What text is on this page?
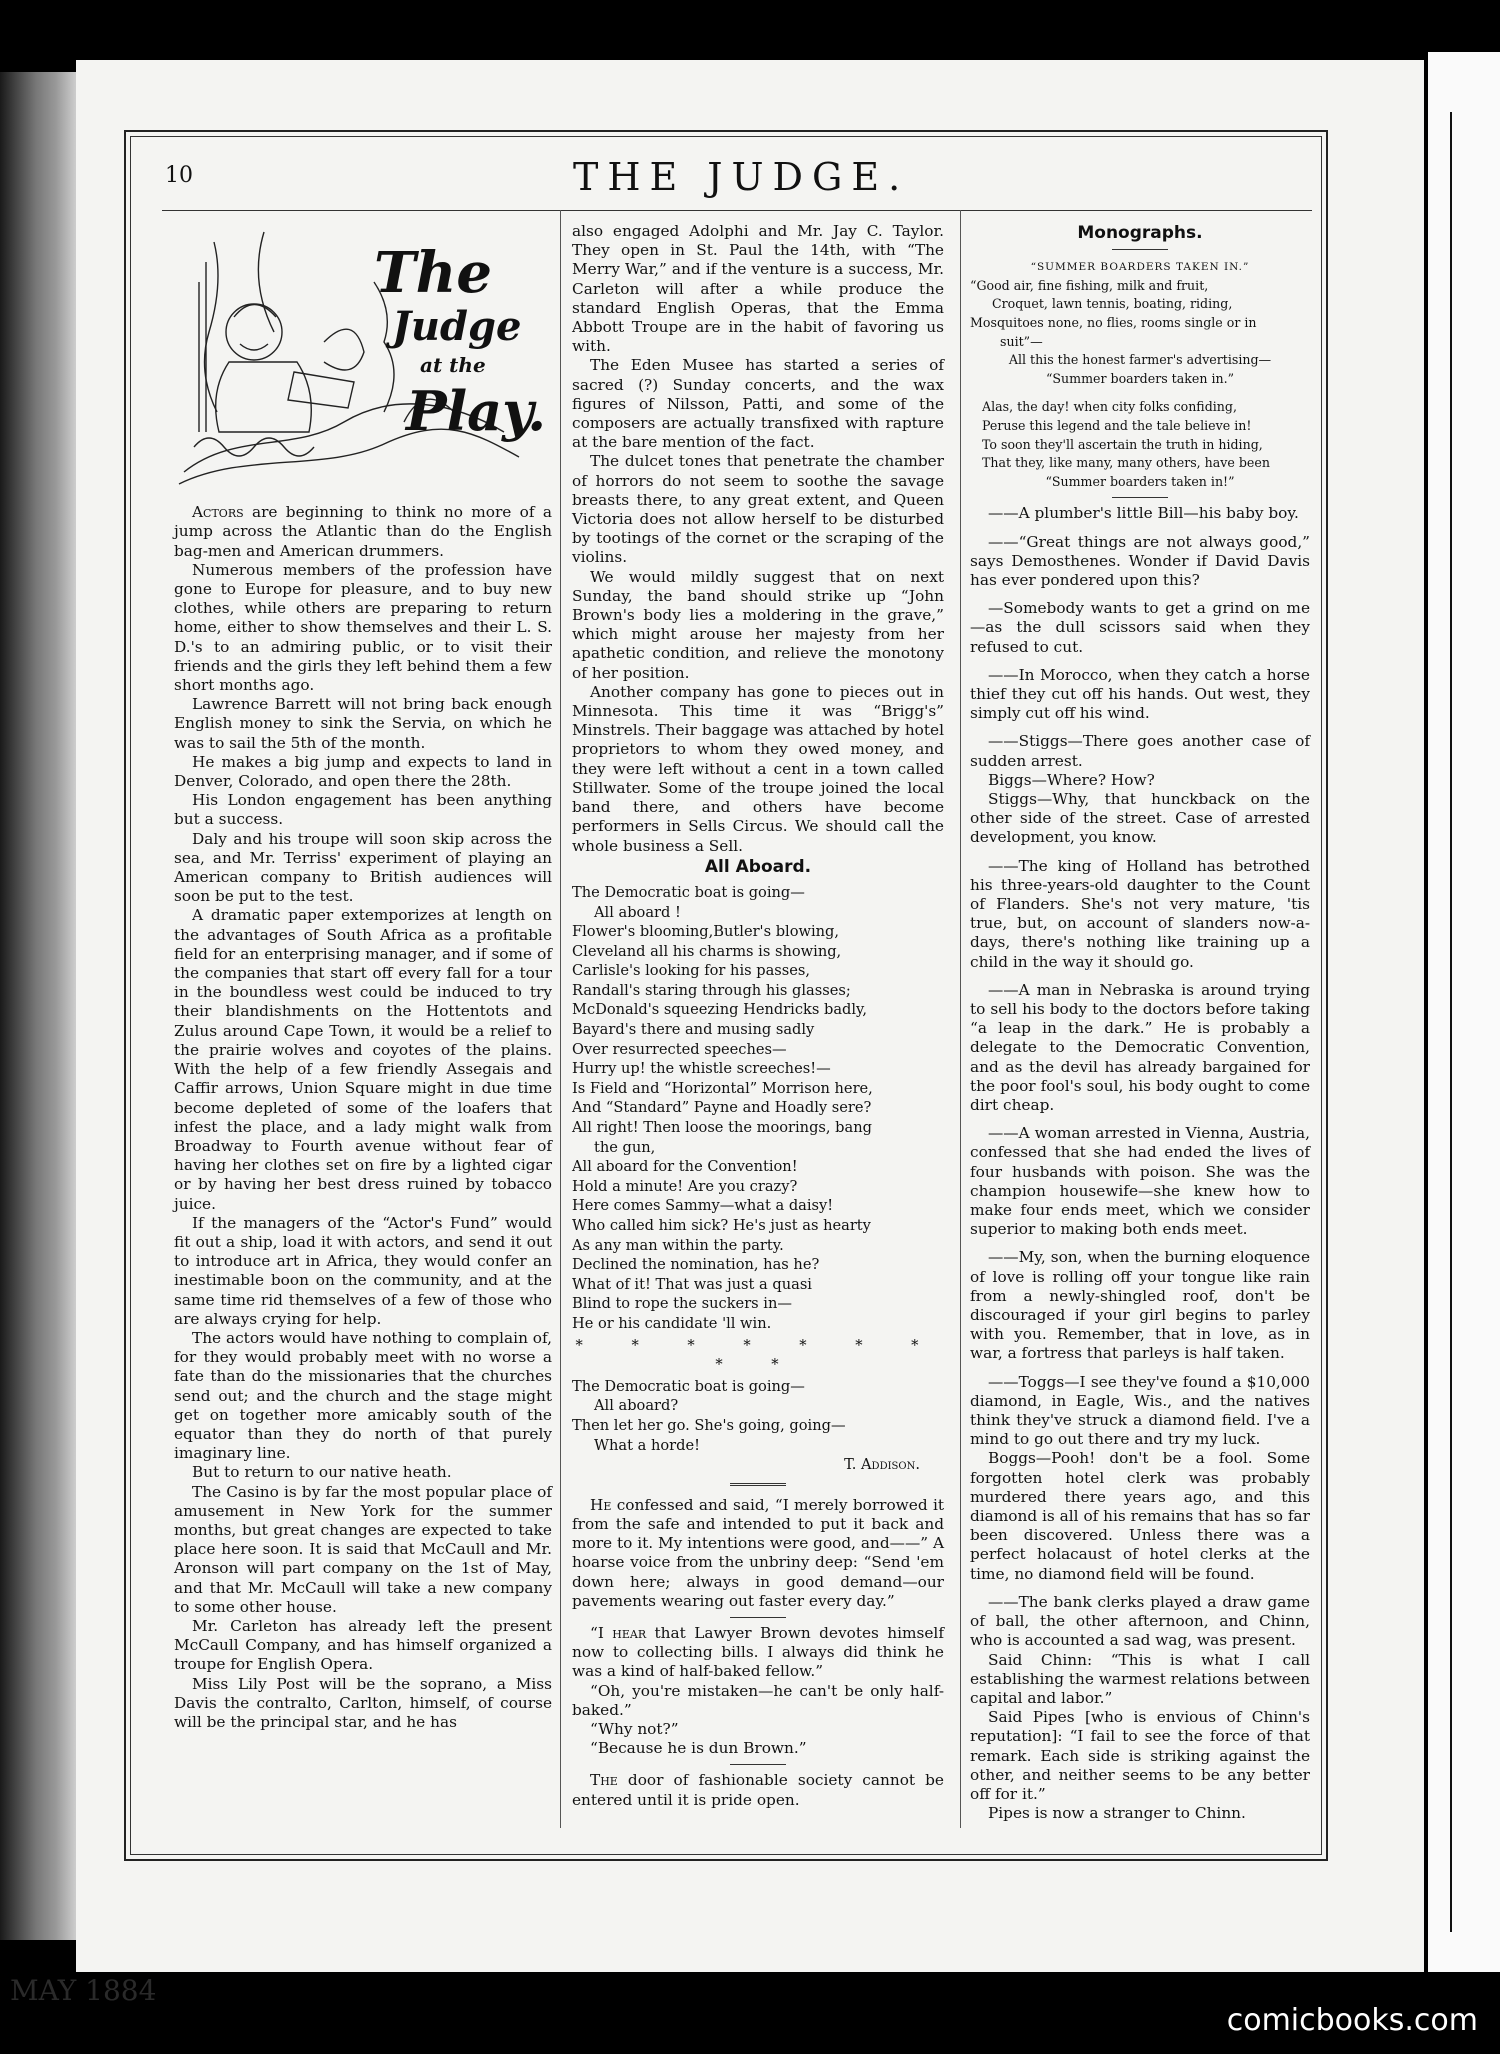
10	THE JUDGE.
The
Judge
at the
Play.

Actors are beginning to think no more of a jump across the Atlantic than do the English bag-men and American drummers.

Numerous members of the profession have gone to Europe for pleasure, and to buy new clothes, while others are preparing to return home, either to show themselves and their L. S. D.'s to an admiring public, or to visit their friends and the girls they left behind them a few short months ago.

Lawrence Barrett will not bring back enough English money to sink the Servia, on which he was to sail the 5th of the month.

He makes a big jump and expects to land in Denver, Colorado, and open there the 28th.

His London engagement has been anything but a success.

Daly and his troupe will soon skip across the sea, and Mr. Terriss' experiment of playing an American company to British audiences will soon be put to the test.

A dramatic paper extemporizes at length on the advantages of South Africa as a profitable field for an enterprising manager, and if some of the companies that start off every fall for a tour in the boundless west could be induced to try their blandishments on the Hottentots and Zulus around Cape Town, it would be a relief to the prairie wolves and coyotes of the plains. With the help of a few friendly Assegais and Caffir arrows, Union Square might in due time become depleted of some of the loafers that infest the place, and a lady might walk from Broadway to Fourth avenue without fear of having her clothes set on fire by a lighted cigar or by having her best dress ruined by tobacco juice.

If the managers of the “Actor's Fund” would fit out a ship, load it with actors, and send it out to introduce art in Africa, they would confer an inestimable boon on the community, and at the same time rid themselves of a few of those who are always crying for help.

The actors would have nothing to complain of, for they would probably meet with no worse a fate than do the missionaries that the churches send out; and the church and the stage might get on together more amicably south of the equator than they do north of that purely imaginary line.

But to return to our native heath.

The Casino is by far the most popular place of amusement in New York for the summer months, but great changes are expected to take place here soon. It is said that McCaull and Mr. Aronson will part company on the 1st of May, and that Mr. McCaull will take a new company to some other house.

Mr. Carleton has already left the present McCaull Company, and has himself organized a troupe for English Opera.

Miss Lily Post will be the soprano, a Miss Davis the contralto, Carlton, himself, of course will be the principal star, and he has

also engaged Adolphi and Mr. Jay C. Taylor. They open in St. Paul the 14th, with “The Merry War,” and if the venture is a success, Mr. Carleton will after a while produce the standard English Operas, that the Emma Abbott Troupe are in the habit of favoring us with.

The Eden Musee has started a series of sacred (?) Sunday concerts, and the wax figures of Nilsson, Patti, and some of the composers are actually transfixed with rapture at the bare mention of the fact.

The dulcet tones that penetrate the chamber of horrors do not seem to soothe the savage breasts there, to any great extent, and Queen Victoria does not allow herself to be disturbed by tootings of the cornet or the scraping of the violins.

We would mildly suggest that on next Sunday, the band should strike up “John Brown's body lies a moldering in the grave,” which might arouse her majesty from her apathetic condition, and relieve the monotony of her position.

Another company has gone to pieces out in Minnesota. This time it was “Brigg's” Minstrels. Their baggage was attached by hotel proprietors to whom they owed money, and they were left without a cent in a town called Stillwater. Some of the troupe joined the local band there, and others have become performers in Sells Circus. We should call the whole business a Sell.

All Aboard.
The Democratic boat is going—
All aboard !
Flower's blooming,Butler's blowing,
Cleveland all his charms is showing,
Carlisle's looking for his passes,
Randall's staring through his glasses;
McDonald's squeezing Hendricks badly,
Bayard's there and musing sadly
Over resurrected speeches—
Hurry up! the whistle screeches!—
Is Field and “Horizontal” Morrison here,
And “Standard” Payne and Hoadly sere?
All right! Then loose the moorings, bang
the gun,
All aboard for the Convention!
Hold a minute! Are you crazy?
Here comes Sammy—what a daisy!
Who called him sick? He's just as hearty
As any man within the party.
Declined the nomination, has he?
What of it! That was just a quasi
Blind to rope the suckers in—
He or his candidate 'll win.
* * * * * * * * *
The Democratic boat is going—
All aboard?
Then let her go. She's going, going—
What a horde!
T. Addison.

He confessed and said, “I merely borrowed it from the safe and intended to put it back and more to it. My intentions were good, and——” A hoarse voice from the unbriny deep: “Send 'em down here; always in good demand—our pavements wearing out faster every day.”

“I hear that Lawyer Brown devotes himself now to collecting bills. I always did think he was a kind of half-baked fellow.”

“Oh, you're mistaken—he can't be only half-baked.”

“Why not?”

“Because he is dun Brown.”

The door of fashionable society cannot be entered until it is pride open.

Monographs.
“SUMMER BOARDERS TAKEN IN.”
“Good air, fine fishing, milk and fruit,
Croquet, lawn tennis, boating, riding,
Mosquitoes none, no flies, rooms single or in
suit”—
All this the honest farmer's advertising—
“Summer boarders taken in.”
Alas, the day! when city folks confiding,
Peruse this legend and the tale believe in!
To soon they'll ascertain the truth in hiding,
That they, like many, many others, have been
“Summer boarders taken in!”

——A plumber's little Bill—his baby boy.

——“Great things are not always good,” says Demosthenes. Wonder if David Davis has ever pondered upon this?

—Somebody wants to get a grind on me—as the dull scissors said when they refused to cut.

——In Morocco, when they catch a horse thief they cut off his hands. Out west, they simply cut off his wind.

——Stiggs—There goes another case of sudden arrest.

Biggs—Where? How?

Stiggs—Why, that hunckback on the other side of the street. Case of arrested development, you know.

——The king of Holland has betrothed his three-years-old daughter to the Count of Flanders. She's not very mature, 'tis true, but, on account of slanders now-a-days, there's nothing like training up a child in the way it should go.

——A man in Nebraska is around trying to sell his body to the doctors before taking “a leap in the dark.” He is probably a delegate to the Democratic Convention, and as the devil has already bargained for the poor fool's soul, his body ought to come dirt cheap.

——A woman arrested in Vienna, Austria, confessed that she had ended the lives of four husbands with poison. She was the champion housewife—she knew how to make four ends meet, which we consider superior to making both ends meet.

——My, son, when the burning eloquence of love is rolling off your tongue like rain from a newly-shingled roof, don't be discouraged if your girl begins to parley with you. Remember, that in love, as in war, a fortress that parleys is half taken.

——Toggs—I see they've found a $10,000 diamond, in Eagle, Wis., and the natives think they've struck a diamond field. I've a mind to go out there and try my luck.

Boggs—Pooh! don't be a fool. Some forgotten hotel clerk was probably murdered there years ago, and this diamond is all of his remains that has so far been discovered. Unless there was a perfect holacaust of hotel clerks at the time, no diamond field will be found.

——The bank clerks played a draw game of ball, the other afternoon, and Chinn, who is accounted a sad wag, was present.

Said Chinn: “This is what I call establishing the warmest relations between capital and labor.”

Said Pipes [who is envious of Chinn's reputation]: “I fail to see the force of that remark. Each side is striking against the other, and neither seems to be any better off for it.”

Pipes is now a stranger to Chinn.

MAY 1884
comicbooks.com
